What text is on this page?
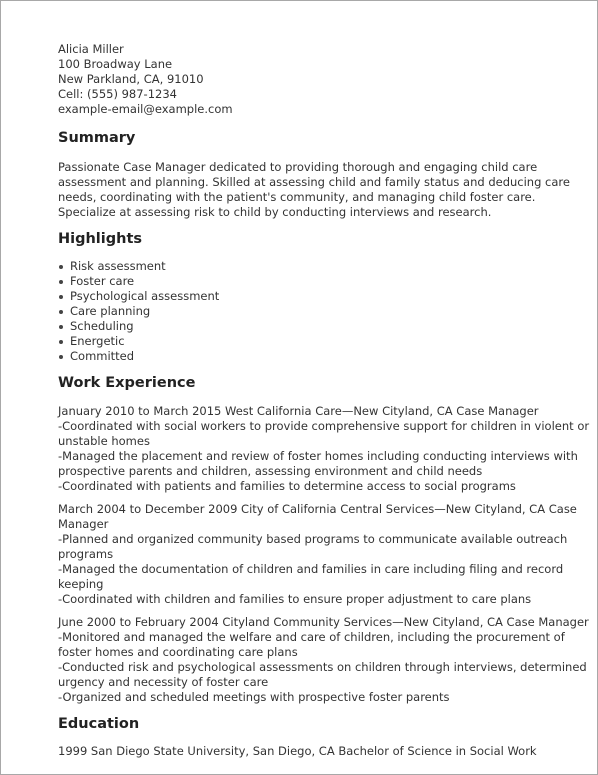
Alicia Miller
100 Broadway Lane
New Parkland, CA, 91010
Cell: (555) 987-1234
example-email@example.com
Summary

Passionate Case Manager dedicated to providing thorough and engaging child care assessment and planning. Skilled at assessing child and family status and deducing care needs, coordinating with the patient's community, and managing child foster care. Specialize at assessing risk to child by conducting interviews and research.

Highlights
Risk assessment
Foster care
Psychological assessment
Care planning
Scheduling
Energetic
Committed
Work Experience
January 2010 to March 2015 West California Care—New Cityland, CA Case Manager
-Coordinated with social workers to provide comprehensive support for children in violent or unstable homes
-Managed the placement and review of foster homes including conducting interviews with prospective parents and children, assessing environment and child needs
-Coordinated with patients and families to determine access to social programs
March 2004 to December 2009 City of California Central Services—New Cityland, CA Case Manager
-Planned and organized community based programs to communicate available outreach programs
-Managed the documentation of children and families in care including filing and record keeping
-Coordinated with children and families to ensure proper adjustment to care plans
June 2000 to February 2004 Cityland Community Services—New Cityland, CA Case Manager
-Monitored and managed the welfare and care of children, including the procurement of foster homes and coordinating care plans
-Conducted risk and psychological assessments on children through interviews, determined urgency and necessity of foster care
-Organized and scheduled meetings with prospective foster parents
Education
1999 San Diego State University, San Diego, CA Bachelor of Science in Social Work
